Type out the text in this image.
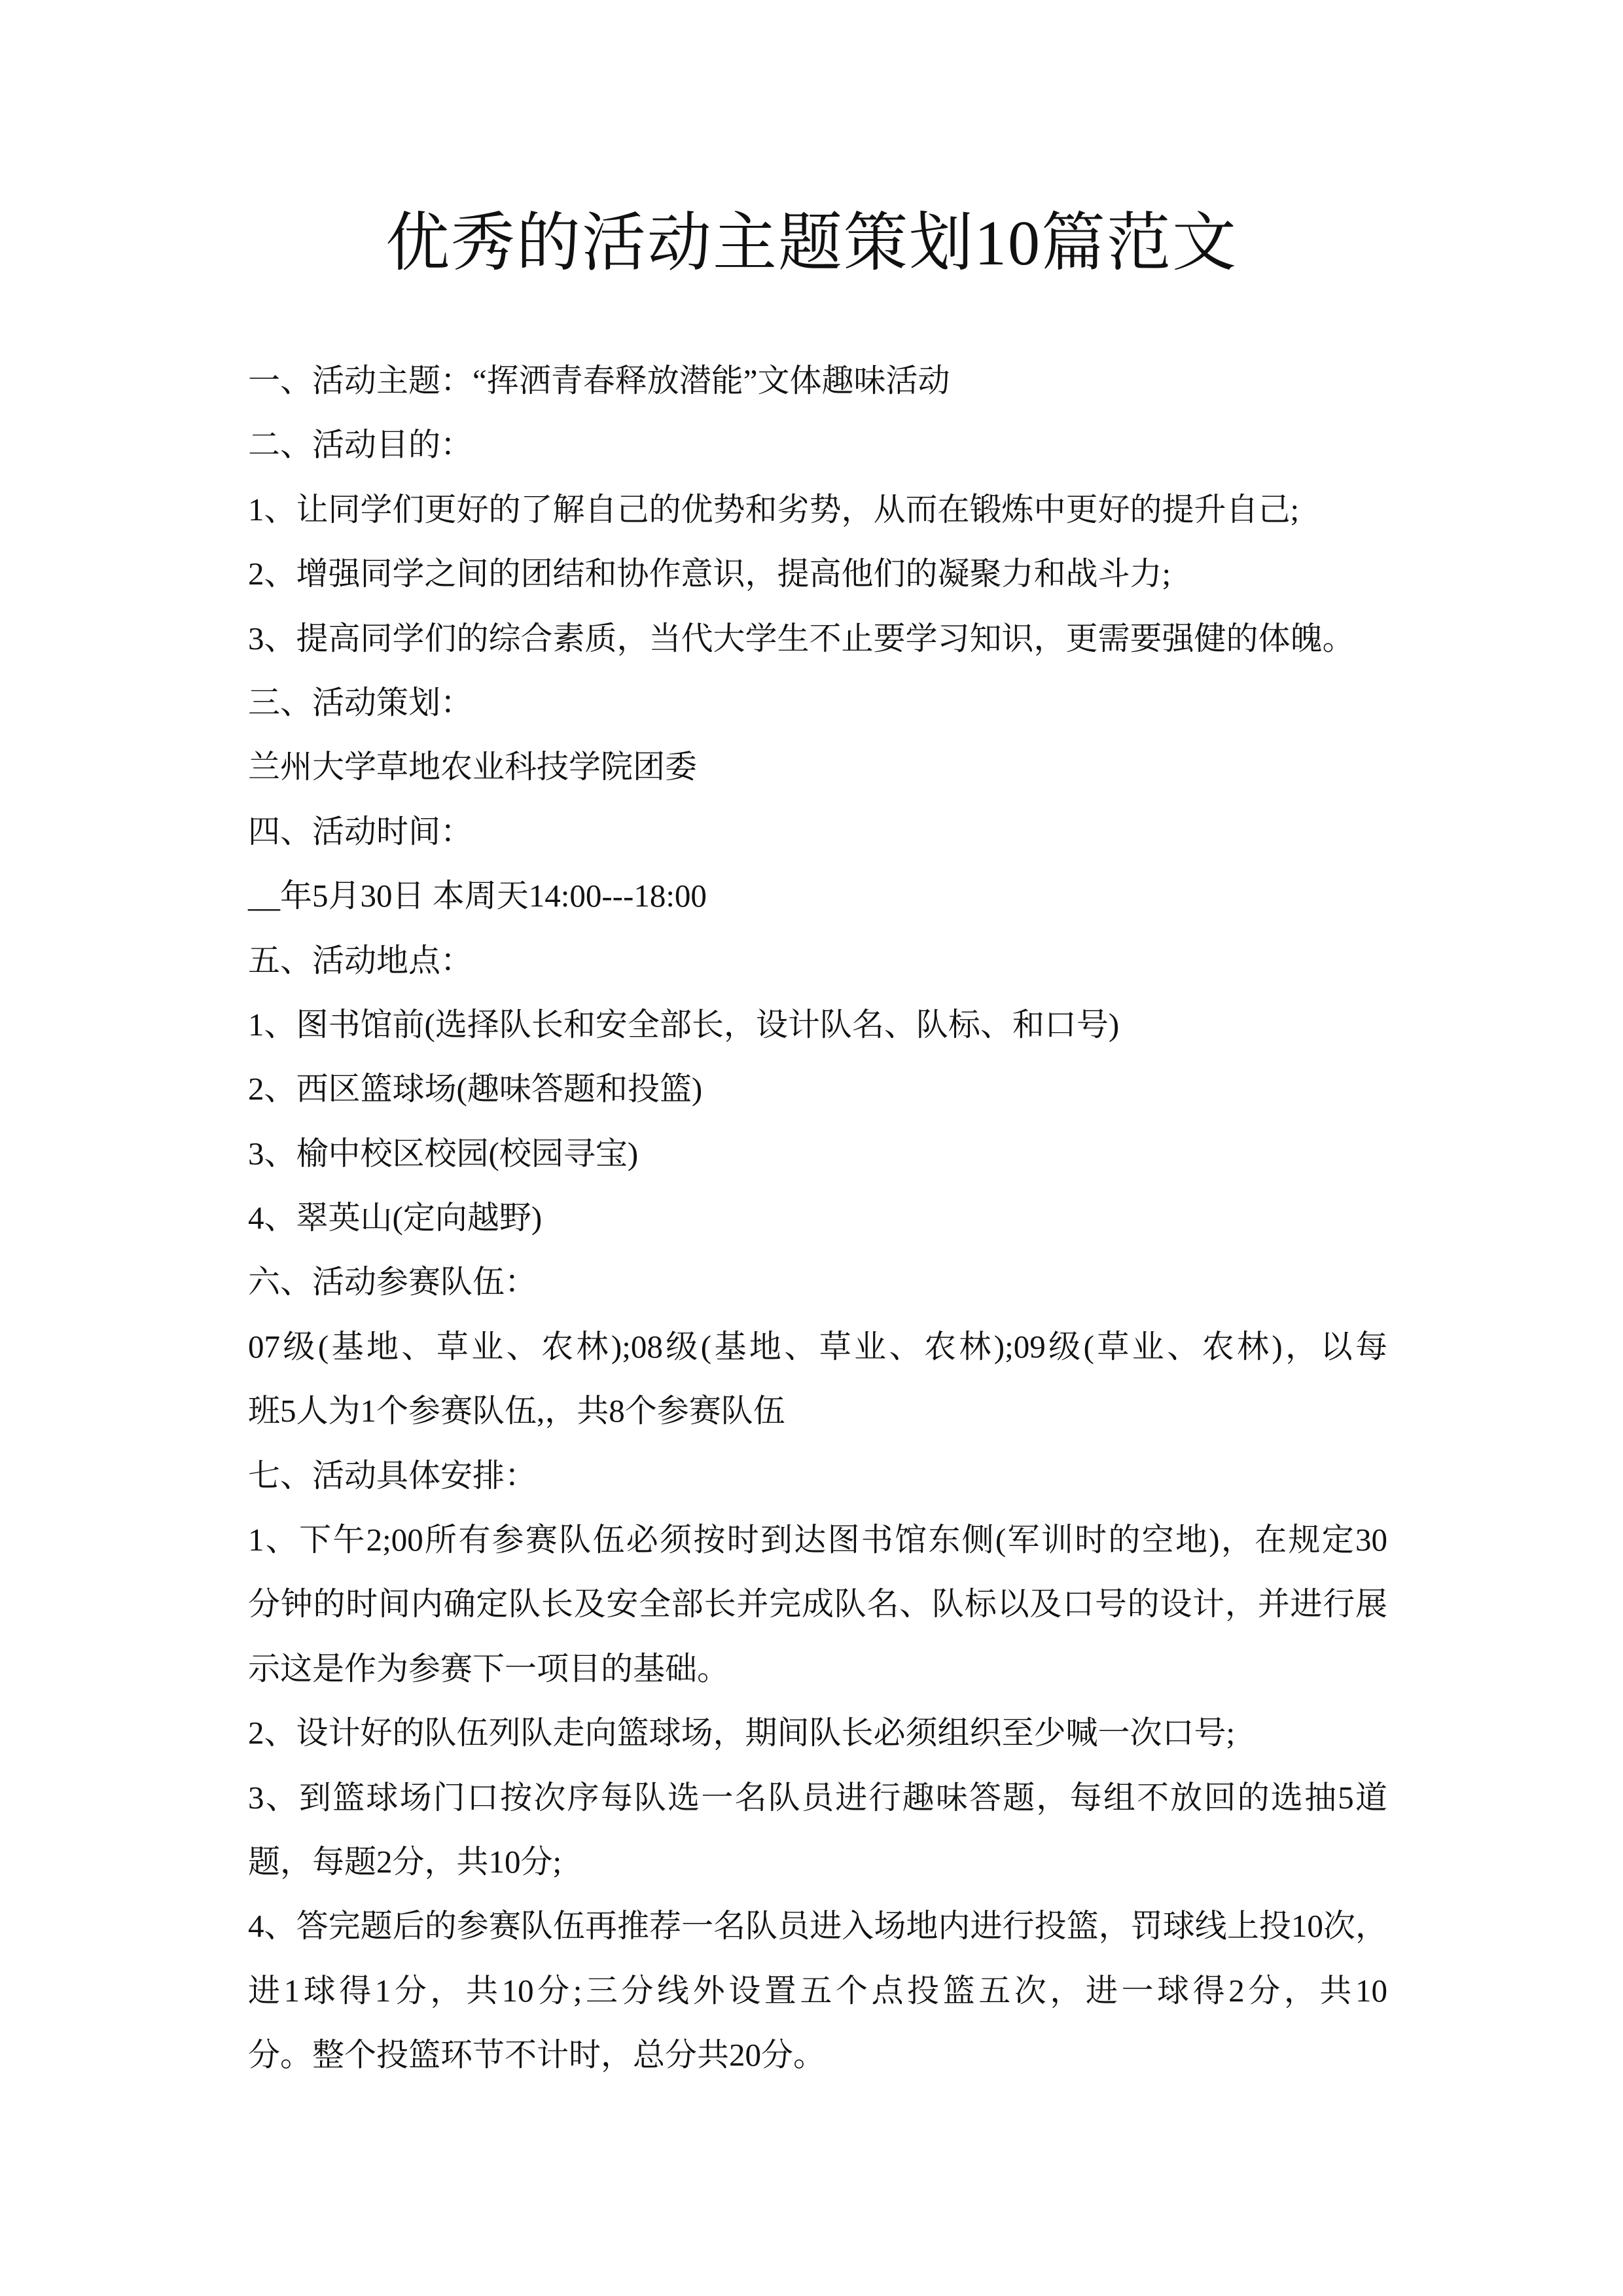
优秀的活动主题策划10篇范文
一、活动主题：“挥洒青春释放潜能”文体趣味活动
二、活动目的：
1、让同学们更好的了解自己的优势和劣势，从而在锻炼中更好的提升自己;
2、增强同学之间的团结和协作意识，提高他们的凝聚力和战斗力;
3、提高同学们的综合素质，当代大学生不止要学习知识，更需要强健的体魄。
三、活动策划：
兰州大学草地农业科技学院团委
四、活动时间：
__年5月30日 本周天14:00---18:00
五、活动地点：
1、图书馆前(选择队长和安全部长，设计队名、队标、和口号)
2、西区篮球场(趣味答题和投篮)
3、榆中校区校园(校园寻宝)
4、翠英山(定向越野)
六、活动参赛队伍：
07级(基地、草业、农林);08级(基地、草业、农林);09级(草业、农林)，以每
班5人为1个参赛队伍,，共8个参赛队伍
七、活动具体安排：
1、下午2;00所有参赛队伍必须按时到达图书馆东侧(军训时的空地)，在规定30
分钟的时间内确定队长及安全部长并完成队名、队标以及口号的设计，并进行展
示这是作为参赛下一项目的基础。
2、设计好的队伍列队走向篮球场，期间队长必须组织至少喊一次口号;
3、到篮球场门口按次序每队选一名队员进行趣味答题，每组不放回的选抽5道
题，每题2分，共10分;
4、答完题后的参赛队伍再推荐一名队员进入场地内进行投篮，罚球线上投10次，
进1球得1分，共10分;三分线外设置五个点投篮五次，进一球得2分，共10
分。整个投篮环节不计时，总分共20分。
